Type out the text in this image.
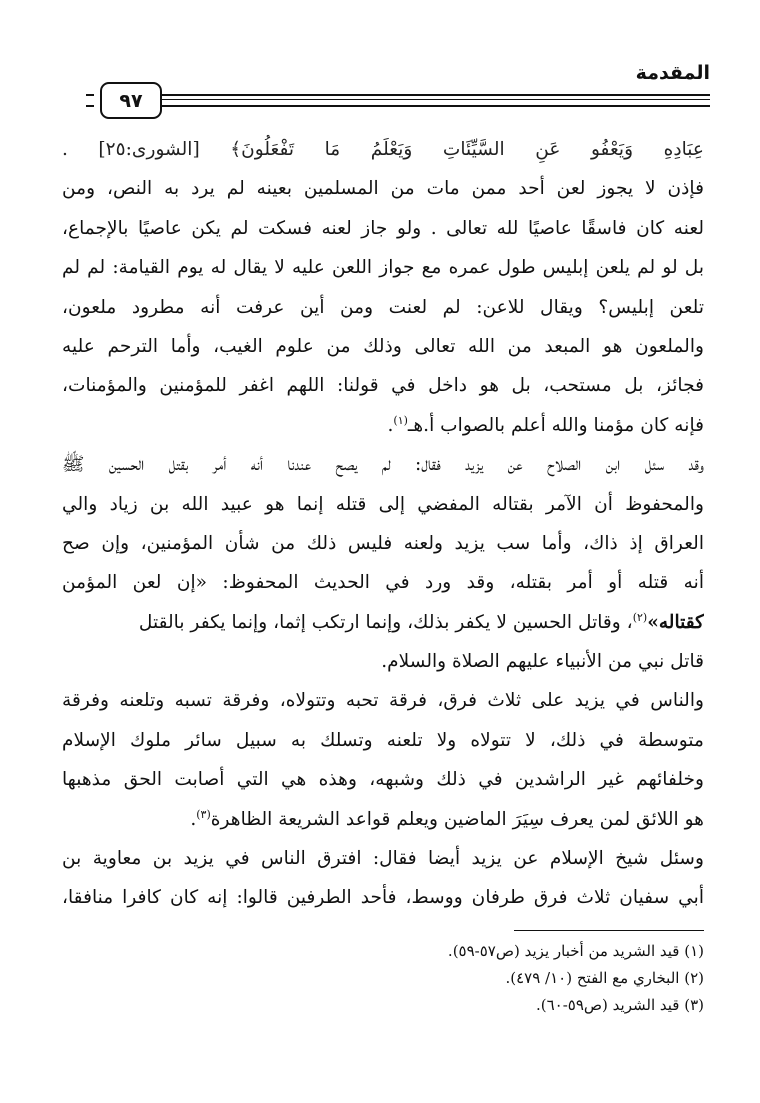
المقدمة
٩٧
عِبَادِهِ وَيَعْفُو عَنِ السَّيِّئَاتِ وَيَعْلَمُ مَا تَفْعَلُونَ﴾ [الشورى:٢٥] .
فإذن لا يجوز لعن أحد ممن مات من المسلمين بعينه لم يرد به النص، ومن
لعنه كان فاسقًا عاصيًا لله تعالى . ولو جاز لعنه فسكت لم يكن عاصيًا بالإجماع،
بل لو لم يلعن إبليس طول عمره مع جواز اللعن عليه لا يقال له يوم القيامة: لم لم
تلعن إبليس؟ ويقال للاعن: لم لعنت ومن أين عرفت أنه مطرود ملعون،
والملعون هو المبعد من الله تعالى وذلك من علوم الغيب، وأما الترحم عليه
فجائز، بل مستحب، بل هو داخل في قولنا: اللهم اغفر للمؤمنين والمؤمنات،
فإنه كان مؤمنا والله أعلم بالصواب أ.هـ$^{(١)}$.
وقد سئل ابن الصلاح عن يزيد فقال: لم يصح عندنا أنه أمر بقتل الحسين ﷺ
والمحفوظ أن الآمر بقتاله المفضي إلى قتله إنما هو عبيد الله بن زياد والي
العراق إذ ذاك، وأما سب يزيد ولعنه فليس ذلك من شأن المؤمنين، وإن صح
أنه قتله أو أمر بقتله، وقد ورد في الحديث المحفوظ: «إن لعن المؤمن
كقتاله»$^{(٢)}$، وقاتل الحسين لا يكفر بذلك، وإنما ارتكب إثما، وإنما يكفر بالقتل
قاتل نبي من الأنبياء عليهم الصلاة والسلام.
والناس في يزيد على ثلاث فرق، فرقة تحبه وتتولاه، وفرقة تسبه وتلعنه وفرقة
متوسطة في ذلك، لا تتولاه ولا تلعنه وتسلك به سبيل سائر ملوك الإسلام
وخلفائهم غير الراشدين في ذلك وشبهه، وهذه هي التي أصابت الحق مذهبها
هو اللائق لمن يعرف سِيَرَ الماضين ويعلم قواعد الشريعة الظاهرة$^{(٣)}$.
وسئل شيخ الإسلام عن يزيد أيضا فقال: افترق الناس في يزيد بن معاوية بن
أبي سفيان ثلاث فرق طرفان ووسط، فأحد الطرفين قالوا: إنه كان كافرا منافقا،
(١) قيد الشريد من أخبار يزيد (ص٥٧-٥٩).
(٢) البخاري مع الفتح (١٠/ ٤٧٩).
(٣) قيد الشريد (ص٥٩-٦٠).
